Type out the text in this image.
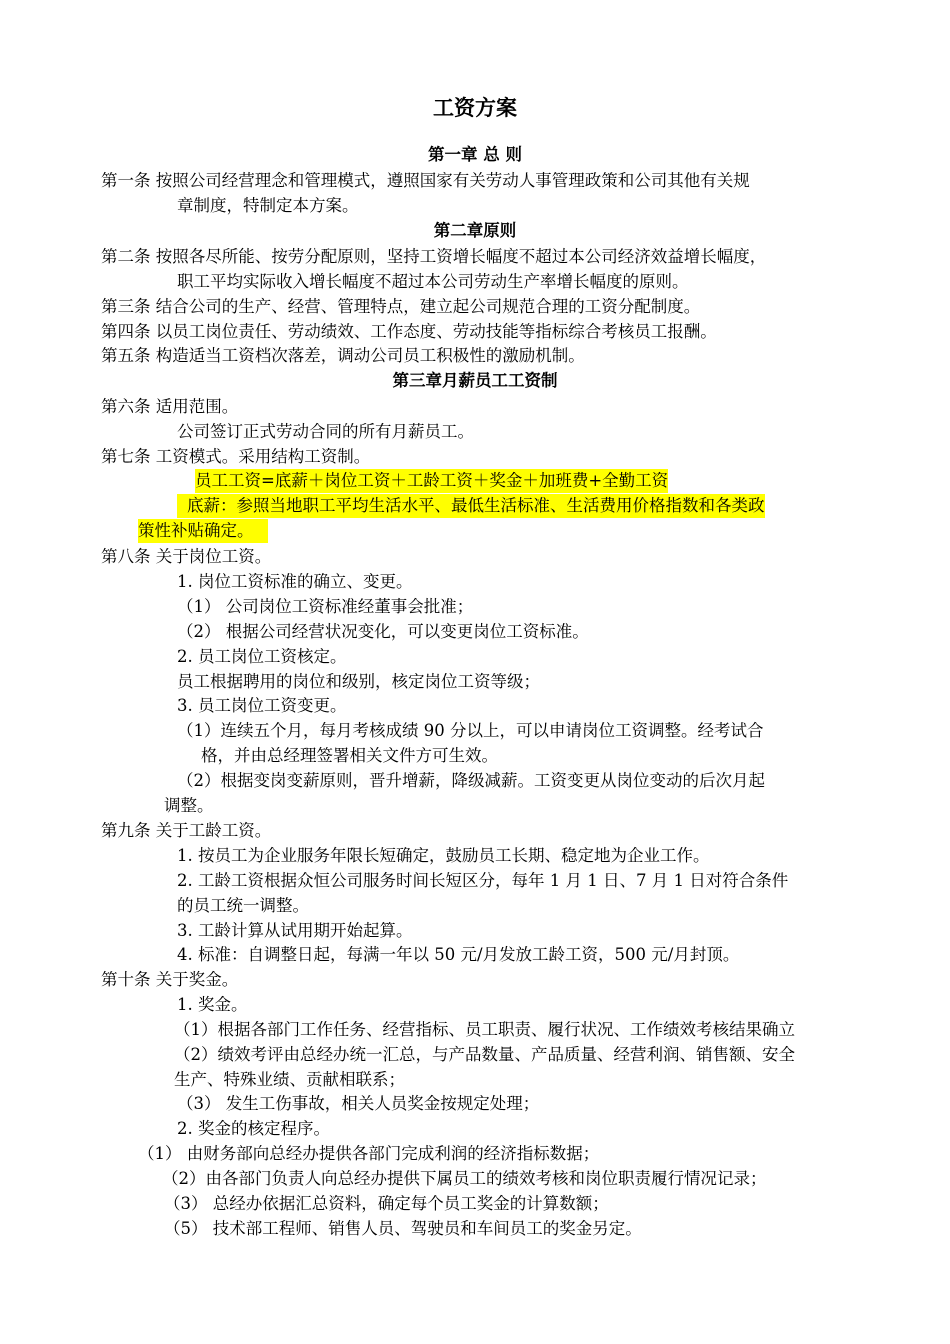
工资方案
第一章 总 则
第一条 按照公司经营理念和管理模式，遵照国家有关劳动人事管理政策和公司其他有关规
章制度，特制定本方案。
第二章原则
第二条 按照各尽所能、按劳分配原则，坚持工资增长幅度不超过本公司经济效益增长幅度，
职工平均实际收入增长幅度不超过本公司劳动生产率增长幅度的原则。
第三条 结合公司的生产、经营、管理特点，建立起公司规范合理的工资分配制度。
第四条 以员工岗位责任、劳动绩效、工作态度、劳动技能等指标综合考核员工报酬。
第五条 构造适当工资档次落差，调动公司员工积极性的激励机制。
第三章月薪员工工资制
第六条 适用范围。
公司签订正式劳动合同的所有月薪员工。
第七条 工资模式。采用结构工资制。
员工工资=底薪＋岗位工资＋工龄工资＋奖金＋加班费+全勤工资
底薪：参照当地职工平均生活水平、最低生活标准、生活费用价格指数和各类政
策性补贴确定。
第八条 关于岗位工资。
1. 岗位工资标准的确立、变更。
（1） 公司岗位工资标准经董事会批准；
（2） 根据公司经营状况变化，可以变更岗位工资标准。
2. 员工岗位工资核定。
员工根据聘用的岗位和级别，核定岗位工资等级；
3. 员工岗位工资变更。
（1）连续五个月，每月考核成绩 90 分以上，可以申请岗位工资调整。经考试合
格，并由总经理签署相关文件方可生效。
（2）根据变岗变薪原则，晋升增薪，降级减薪。工资变更从岗位变动的后次月起
调整。
第九条 关于工龄工资。
1. 按员工为企业服务年限长短确定，鼓励员工长期、稳定地为企业工作。
2. 工龄工资根据众恒公司服务时间长短区分，每年 1 月 1 日、7 月 1 日对符合条件
的员工统一调整。
3. 工龄计算从试用期开始起算。
4. 标准：自调整日起，每满一年以 50 元/月发放工龄工资，500 元/月封顶。
第十条 关于奖金。
1. 奖金。
（1）根据各部门工作任务、经营指标、员工职责、履行状况、工作绩效考核结果确立
（2）绩效考评由总经办统一汇总，与产品数量、产品质量、经营利润、销售额、安全
生产、特殊业绩、贡献相联系；
（3） 发生工伤事故，相关人员奖金按规定处理；
2. 奖金的核定程序。
（1） 由财务部向总经办提供各部门完成利润的经济指标数据；
（2）由各部门负责人向总经办提供下属员工的绩效考核和岗位职责履行情况记录；
（3） 总经办依据汇总资料，确定每个员工奖金的计算数额；
（5） 技术部工程师、销售人员、驾驶员和车间员工的奖金另定。
